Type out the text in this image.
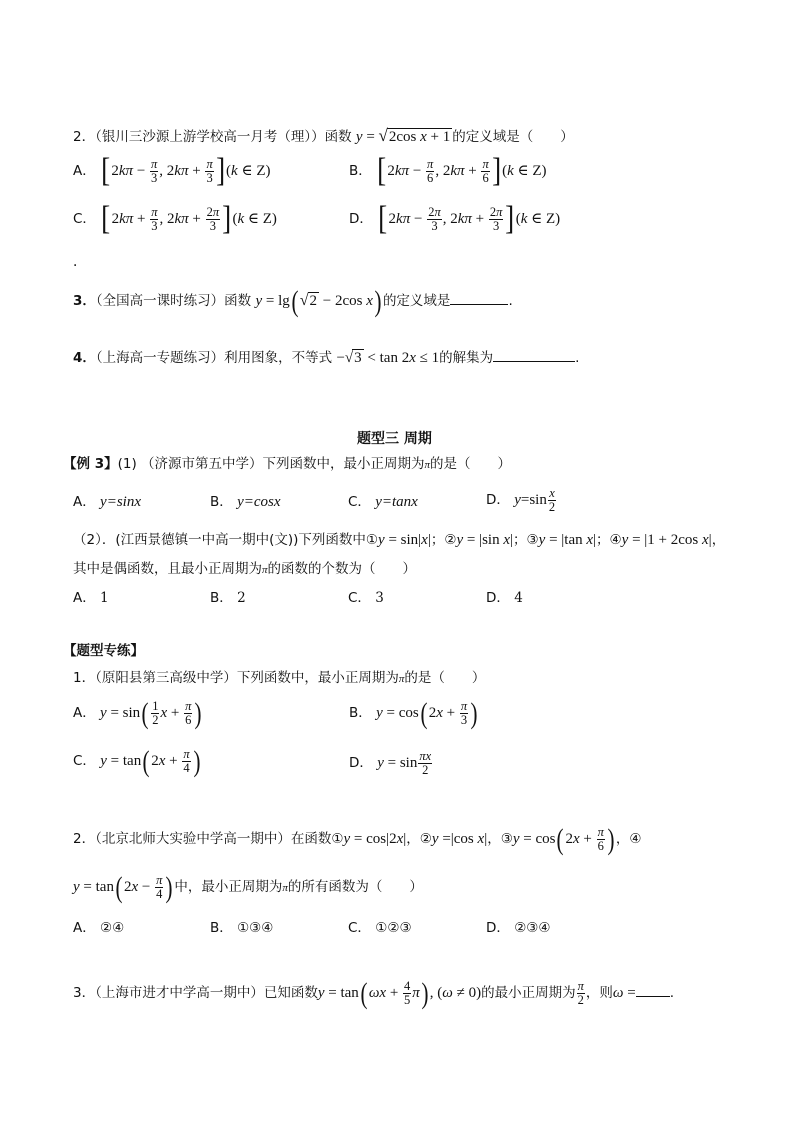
2．（银川三沙源上游学校高一月考（理））函数 y = √2cos x + 1 的定义域是（　　）
A． [$2k\pi - \frac{\pi}{3}$ , $2k\pi + \frac{\pi}{3} ](k$ ∈ Z)	B． [$2k\pi - \frac{\pi}{6}$ , $2k\pi + \frac{\pi}{6} ](k$ ∈ Z)
C． [$2k\pi + \frac{\pi}{3}$ , $2k\pi + \frac{2\pi}{3} ](k$ ∈ Z)	D． [$2k\pi - \frac{2\pi}{3}$ , $2k\pi + \frac{2\pi}{3} ](k$ ∈ Z)
.
3．（全国高一课时练习）函数 y = lg(√2 − 2cos x) 的定义域是	.
4．（上海高一专题练习）利用图象，不等式 −√3 < tan 2x ≤ 1的解集为	.
题型三 周期
【例 3】(1) （济源市第五中学）下列函数中，最小正周期为π的是（　　）
A． y=sinx	B． y=cosx	C． y=tanx	D． $y=\sin \frac{x}{2}$
（2）．(江西景德镇一中高一期中(文))下列函数中①y = sin|x|；②y = |sin x|；③y = |tan x|；④y = |1 + 2cos x|，
其中是偶函数，且最小正周期为π的函数的个数为（　　）
A． 1	B． 2	C． 3	D． 4
【题型专练】
1．（原阳县第三高级中学）下列函数中，最小正周期为π的是（　　）
A． $y = \sin( \frac{1}{2}$ $x + \frac{\pi}{6}$ )	B． y = cos( $2x + \frac{\pi}{3}$ )
C． y = tan( $2x + \frac{\pi}{4}$ )	D． $y = \sin \frac{\pi x}{2}$
2．（北京北师大实验中学高一期中）在函数①y = cos|2x|，②y =|cos x|，③y = cos( $2x + \frac{\pi}{6}$ ) ，④
y = tan( $2x - \frac{\pi}{4}$ ) 中，最小正周期为π的所有函数为（　　）
A． ②④	B． ①③④	C． ①②③	D． ②③④
3．（上海市进才中学高一期中）已知函数y = tan( $\omega x + \frac{4}{5} \pi$) , (ω ≠ 0)的最小正周期为 $\frac{\pi}{2}$ ，则ω =	.
